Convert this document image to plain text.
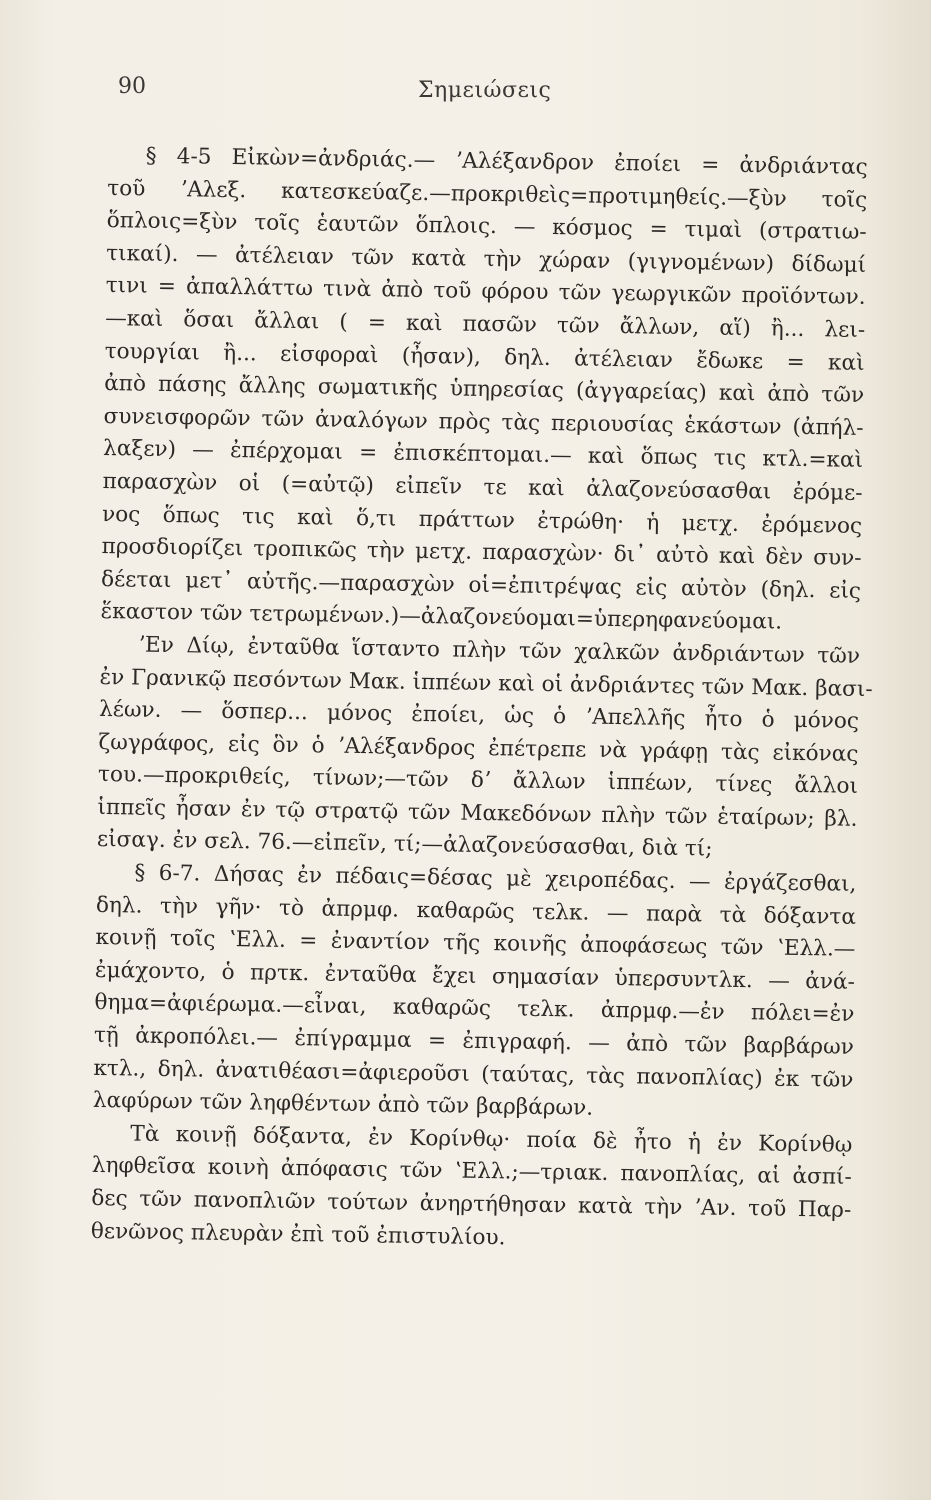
90	Σημειώσεις
§ 4-5 Εἰκὼν=ἀνδριάς.— ʼΑλέξανδρον ἐποίει = ἀνδριάντας
τοῦ ʼΑλεξ. κατεσκεύαζε.—προκριθεὶς=προτιμηθείς.—ξὺν τοῖς
ὅπλοις=ξὺν τοῖς ἑαυτῶν ὅπλοις. — κόσμος = τιμαὶ (στρατιω-
τικαί). — ἀτέλειαν τῶν κατὰ τὴν χώραν (γιγνομένων) δίδωμί
τινι = ἀπαλλάττω τινὰ ἀπὸ τοῦ φόρου τῶν γεωργικῶν προϊόντων.
—καὶ ὅσαι ἄλλαι ( = καὶ πασῶν τῶν ἄλλων, αἵ) ἢ... λει-
τουργίαι ἢ... εἰσφοραὶ (ἦσαν), δηλ. ἀτέλειαν ἔδωκε = καὶ
ἀπὸ πάσης ἄλλης σωματικῆς ὑπηρεσίας (ἀγγαρείας) καὶ ἀπὸ τῶν
συνεισφορῶν τῶν ἀναλόγων πρὸς τὰς περιουσίας ἑκάστων (ἀπήλ-
λαξεν) — ἐπέρχομαι = ἐπισκέπτομαι.— καὶ ὅπως τις κτλ.=καὶ
παρασχὼν οἱ (=αὐτῷ) εἰπεῖν τε καὶ ἀλαζονεύσασθαι ἐρόμε-
νος ὅπως τις καὶ ὅ,τι πράττων ἐτρώθη· ἡ μετχ. ἐρόμενος
προσδιορίζει τροπικῶς τὴν μετχ. παρασχὼν· δι᾽ αὐτὸ καὶ δὲν συν-
δέεται μετ᾽ αὐτῆς.—παρασχὼν οἱ=ἐπιτρέψας εἰς αὐτὸν (δηλ. εἰς
ἕκαστον τῶν τετρωμένων.)—ἀλαζονεύομαι=ὑπερηφανεύομαι.
ʼΕν Δίῳ, ἐνταῦθα ἵσταντο πλὴν τῶν χαλκῶν ἀνδριάντων τῶν
ἐν Γρανικῷ πεσόντων Μακ. ἱππέων καὶ οἱ ἀνδριάντες τῶν Μακ. βασι-
λέων. — ὅσπερ... μόνος ἐποίει, ὡς ὁ ʼΑπελλῆς ἦτο ὁ μόνος
ζωγράφος, εἰς ὃν ὁ ʼΑλέξανδρος ἐπέτρεπε νὰ γράφῃ τὰς εἰκόνας
του.—προκριθείς, τίνων;—τῶν δʼ ἄλλων ἱππέων, τίνες ἄλλοι
ἱππεῖς ἦσαν ἐν τῷ στρατῷ τῶν Μακεδόνων πλὴν τῶν ἑταίρων; βλ.
εἰσαγ. ἐν σελ. 76.—εἰπεῖν, τί;—ἀλαζονεύσασθαι, διὰ τί;
§ 6-7. Δήσας ἐν πέδαις=δέσας μὲ χειροπέδας. — ἐργάζεσθαι,
δηλ. τὴν γῆν· τὸ ἀπρμφ. καθαρῶς τελκ. — παρὰ τὰ δόξαντα
κοινῇ τοῖς ʽΕλλ. = ἐναντίον τῆς κοινῆς ἀποφάσεως τῶν ʽΕλλ.—
ἐμάχοντο, ὁ πρτκ. ἐνταῦθα ἔχει σημασίαν ὑπερσυντλκ. — ἀνά-
θημα=ἀφιέρωμα.—εἶναι, καθαρῶς τελκ. ἀπρμφ.—ἐν πόλει=ἐν
τῇ ἀκροπόλει.— ἐπίγραμμα = ἐπιγραφή. — ἀπὸ τῶν βαρβάρων
κτλ., δηλ. ἀνατιθέασι=ἀφιεροῦσι (ταύτας, τὰς πανοπλίας) ἐκ τῶν
λαφύρων τῶν ληφθέντων ἀπὸ τῶν βαρβάρων.
Τὰ κοινῇ δόξαντα, ἐν Κορίνθῳ· ποία δὲ ἦτο ἡ ἐν Κορίνθῳ
ληφθεῖσα κοινὴ ἀπόφασις τῶν ʽΕλλ.;—τριακ. πανοπλίας, αἱ ἀσπί-
δες τῶν πανοπλιῶν τούτων ἀνηρτήθησαν κατὰ τὴν ʼΑν. τοῦ Παρ-
θενῶνος πλευρὰν ἐπὶ τοῦ ἐπιστυλίου.
